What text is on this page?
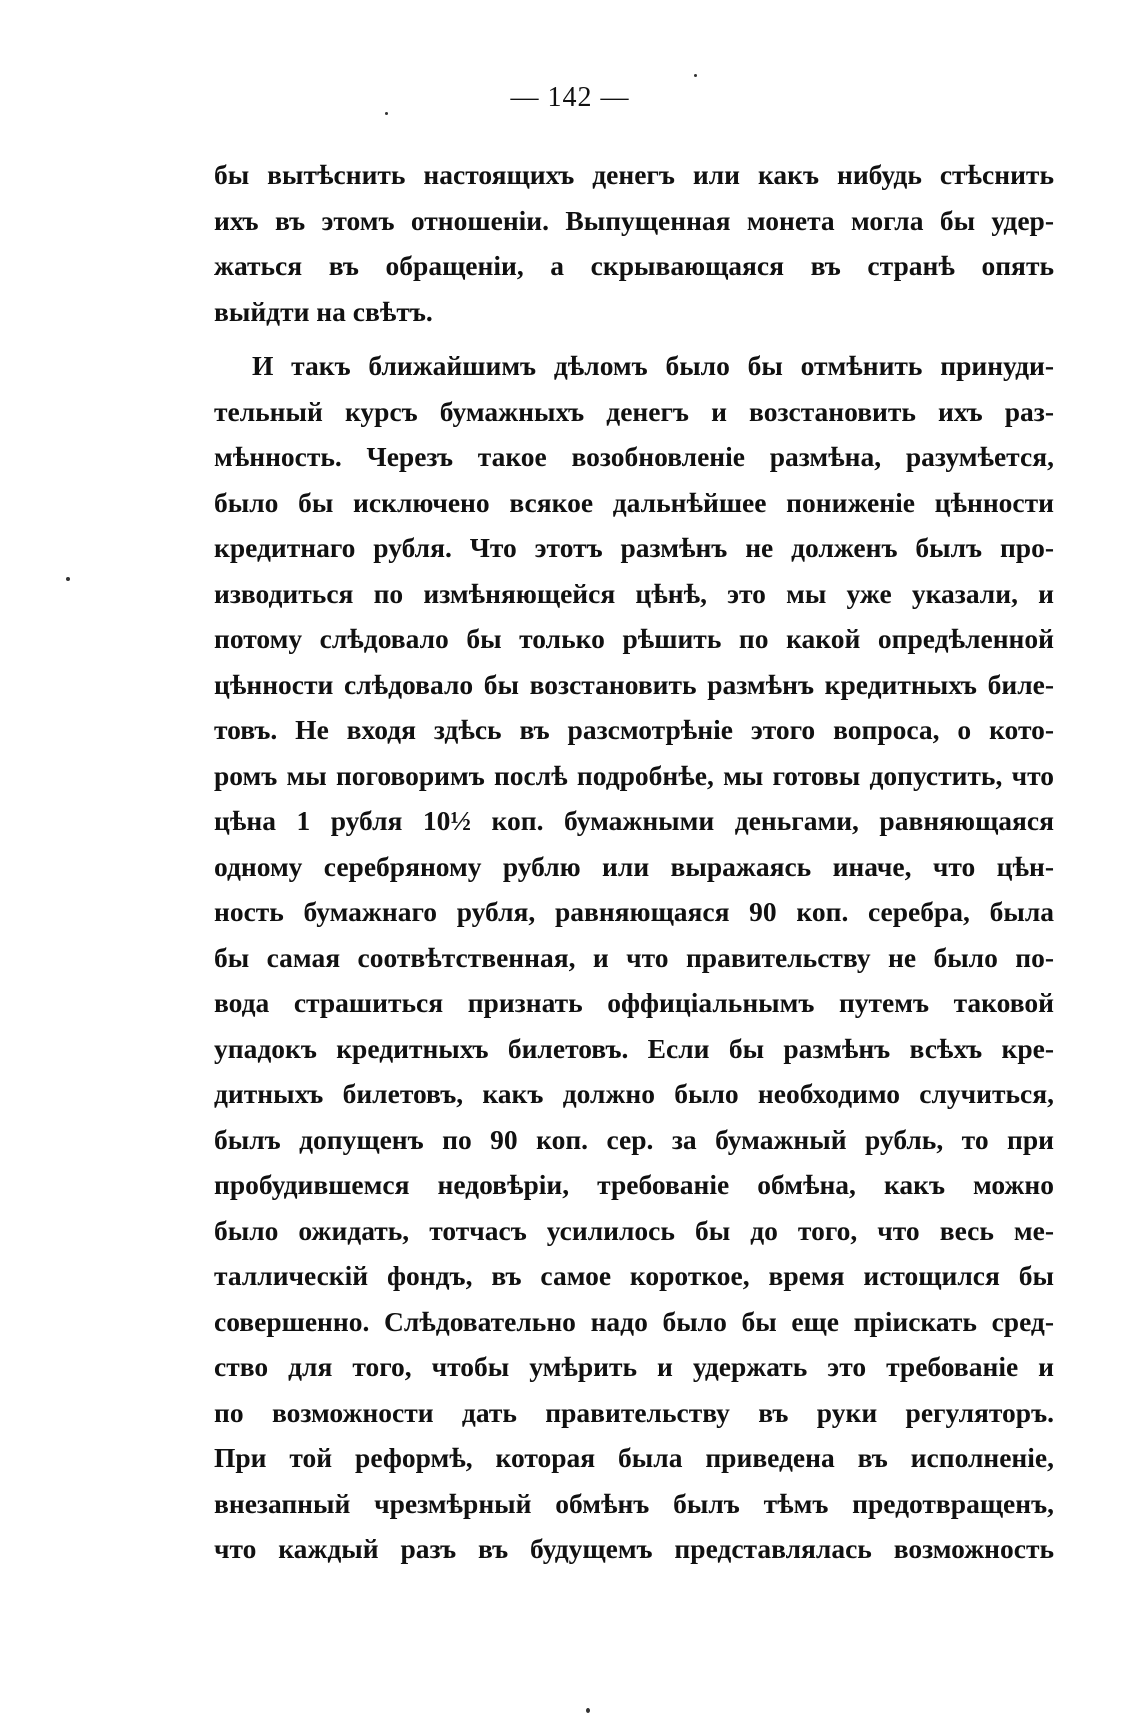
— 142 —
бы вытѣснить настоящихъ денегъ или какъ нибудь стѣснить
ихъ въ этомъ отношеніи. Выпущенная монета могла бы удер-
жаться въ обращеніи, а скрывающаяся въ странѣ опять
выйдти на свѣтъ.
И такъ ближайшимъ дѣломъ было бы отмѣнить принуди-
тельный курсъ бумажныхъ денегъ и возстановить ихъ раз-
мѣнность. Черезъ такое возобновленіе размѣна, разумѣется,
было бы исключено всякое дальнѣйшее пониженіе цѣнности
кредитнаго рубля. Что этотъ размѣнъ не долженъ былъ про-
изводиться по измѣняющейся цѣнѣ, это мы уже указали, и
потому слѣдовало бы только рѣшить по какой опредѣленной
цѣнности слѣдовало бы возстановить размѣнъ кредитныхъ биле-
товъ. Не входя здѣсь въ разсмотрѣніе этого вопроса, о кото-
ромъ мы поговоримъ послѣ подробнѣе, мы готовы допустить, что
цѣна 1 рубля 10½ коп. бумажными деньгами, равняющаяся
одному серебряному рублю или выражаясь иначе, что цѣн-
ность бумажнаго рубля, равняющаяся 90 коп. серебра, была
бы самая соотвѣтственная, и что правительству не было по-
вода страшиться признать оффиціальнымъ путемъ таковой
упадокъ кредитныхъ билетовъ. Если бы размѣнъ всѣхъ кре-
дитныхъ билетовъ, какъ должно было необходимо случиться,
былъ допущенъ по 90 коп. сер. за бумажный рубль, то при
пробудившемся недовѣріи, требованіе обмѣна, какъ можно
было ожидать, тотчасъ усилилось бы до того, что весь ме-
таллическій фондъ, въ самое короткое, время истощился бы
совершенно. Слѣдовательно надо было бы еще пріискать сред-
ство для того, чтобы умѣрить и удержать это требованіе и
по возможности дать правительству въ руки регуляторъ.
При той реформѣ, которая была приведена въ исполненіе,
внезапный чрезмѣрный обмѣнъ былъ тѣмъ предотвращенъ,
что каждый разъ въ будущемъ представлялась возможность
